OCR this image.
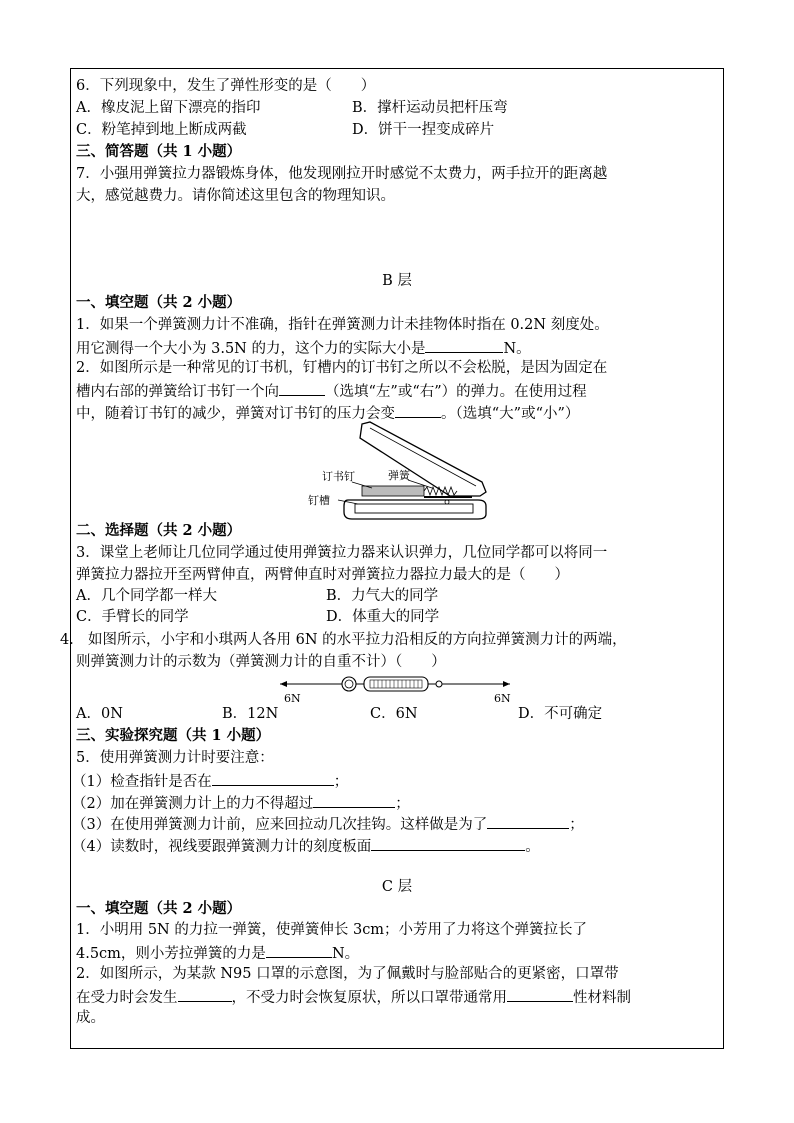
6．下列现象中，发生了弹性形变的是（　　）
A．橡皮泥上留下漂亮的指印	B．撑杆运动员把杆压弯
C．粉笔掉到地上断成两截	D．饼干一捏变成碎片
三、简答题（共 1 小题）
7．小强用弹簧拉力器锻炼身体，他发现刚拉开时感觉不太费力，两手拉开的距离越
大，感觉越费力。请你简述这里包含的物理知识。
B 层
一、填空题（共 2 小题）
1．如果一个弹簧测力计不准确，指针在弹簧测力计未挂物体时指在 0.2N 刻度处。
用它测得一个大小为 3.5N 的力，这个力的实际大小是	N。
2．如图所示是一种常见的订书机，钉槽内的订书钉之所以不会松脱，是因为固定在
槽内右部的弹簧给订书钉一个向	（选填“左”或“右”）的弹力。在使用过程
中，随着订书钉的减少，弹簧对订书钉的压力会变	。（选填“大”或“小”）
订书钉	弹簧
钉槽
二、选择题（共 2 小题）
3．课堂上老师让几位同学通过使用弹簧拉力器来认识弹力，几位同学都可以将同一
弹簧拉力器拉开至两臂伸直，两臂伸直时对弹簧拉力器拉力最大的是（　　）
A．几个同学都一样大	B．力气大的同学
C．手臂长的同学	D．体重大的同学
4． 如图所示，小宇和小琪两人各用 6N 的水平拉力沿相反的方向拉弹簧测力计的两端，
则弹簧测力计的示数为（弹簧测力计的自重不计）（　　）
6N	6N
A．0N	B．12N	C．6N	D．不可确定
三、实验探究题（共 1 小题）
5．使用弹簧测力计时要注意：
（1）检查指针是否在	；
（2）加在弹簧测力计上的力不得超过	；
（3）在使用弹簧测力计前，应来回拉动几次挂钩。这样做是为了	；
（4）读数时，视线要跟弹簧测力计的刻度板面	。
C 层
一、填空题（共 2 小题）
1．小明用 5N 的力拉一弹簧，使弹簧伸长 3cm；小芳用了力将这个弹簧拉长了
4.5cm，则小芳拉弹簧的力是	N。
2．如图所示，为某款 N95 口罩的示意图，为了佩戴时与脸部贴合的更紧密，口罩带
在受力时会发生	，不受力时会恢复原状，所以口罩带通常用	性材料制
成。
